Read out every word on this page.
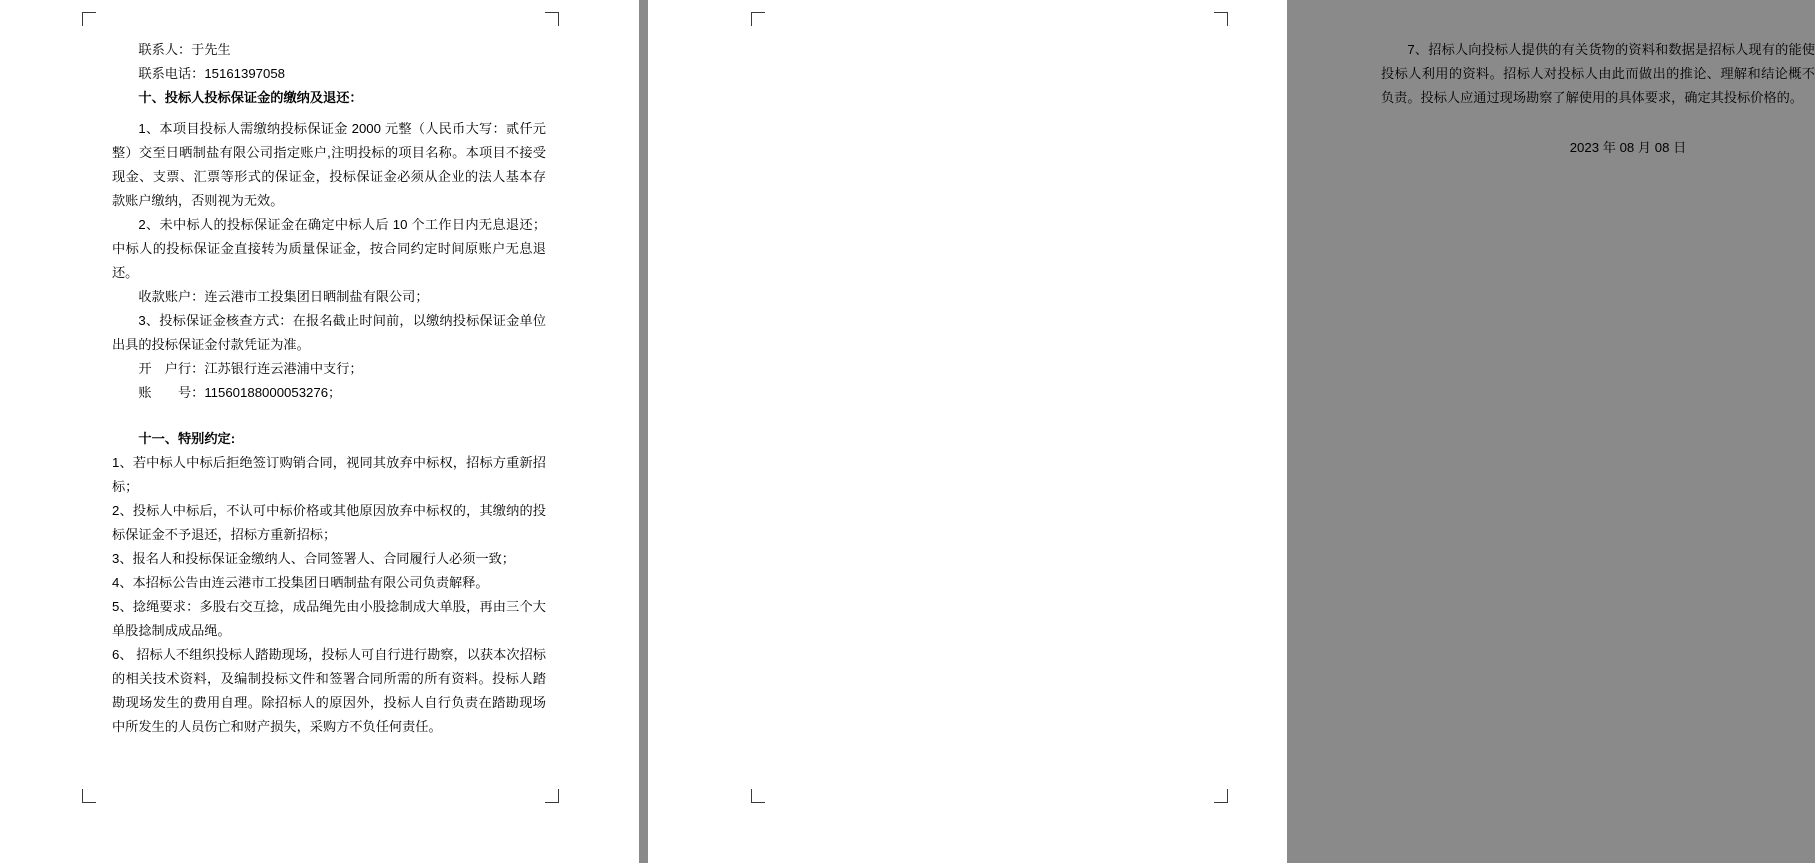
联系人：于先生

联系电话：15161397058

十、投标人投标保证金的缴纳及退还：

1、本项目投标人需缴纳投标保证金 2000 元整（人民币大写：贰仟元整）交至日晒制盐有限公司指定账户,注明投标的项目名称。本项目不接受现金、支票、汇票等形式的保证金，投标保证金必须从企业的法人基本存款账户缴纳，否则视为无效。

2、未中标人的投标保证金在确定中标人后 10 个工作日内无息退还；中标人的投标保证金直接转为质量保证金，按合同约定时间原账户无息退还。

收款账户：连云港市工投集团日晒制盐有限公司；

3、投标保证金核查方式：在报名截止时间前，以缴纳投标保证金单位出具的投标保证金付款凭证为准。

开　户行：江苏银行连云港浦中支行；

账　　号：11560188000053276；

十一、特别约定:

1、若中标人中标后拒绝签订购销合同，视同其放弃中标权，招标方重新招标；

2、投标人中标后，不认可中标价格或其他原因放弃中标权的，其缴纳的投标保证金不予退还，招标方重新招标；

3、报名人和投标保证金缴纳人、合同签署人、合同履行人必须一致；

4、本招标公告由连云港市工投集团日晒制盐有限公司负责解释。

5、捻绳要求：多股右交互捻，成品绳先由小股捻制成大单股，再由三个大单股捻制成成品绳。

6、 招标人不组织投标人踏勘现场，投标人可自行进行勘察，以获本次招标的相关技术资料，及编制投标文件和签署合同所需的所有资料。投标人踏勘现场发生的费用自理。除招标人的原因外，投标人自行负责在踏勘现场中所发生的人员伤亡和财产损失，采购方不负任何责任。

7、招标人向投标人提供的有关货物的资料和数据是招标人现有的能使投标人利用的资料。招标人对投标人由此而做出的推论、理解和结论概不负责。投标人应通过现场勘察了解使用的具体要求，确定其投标价格的。

2023 年 08 月 08 日
